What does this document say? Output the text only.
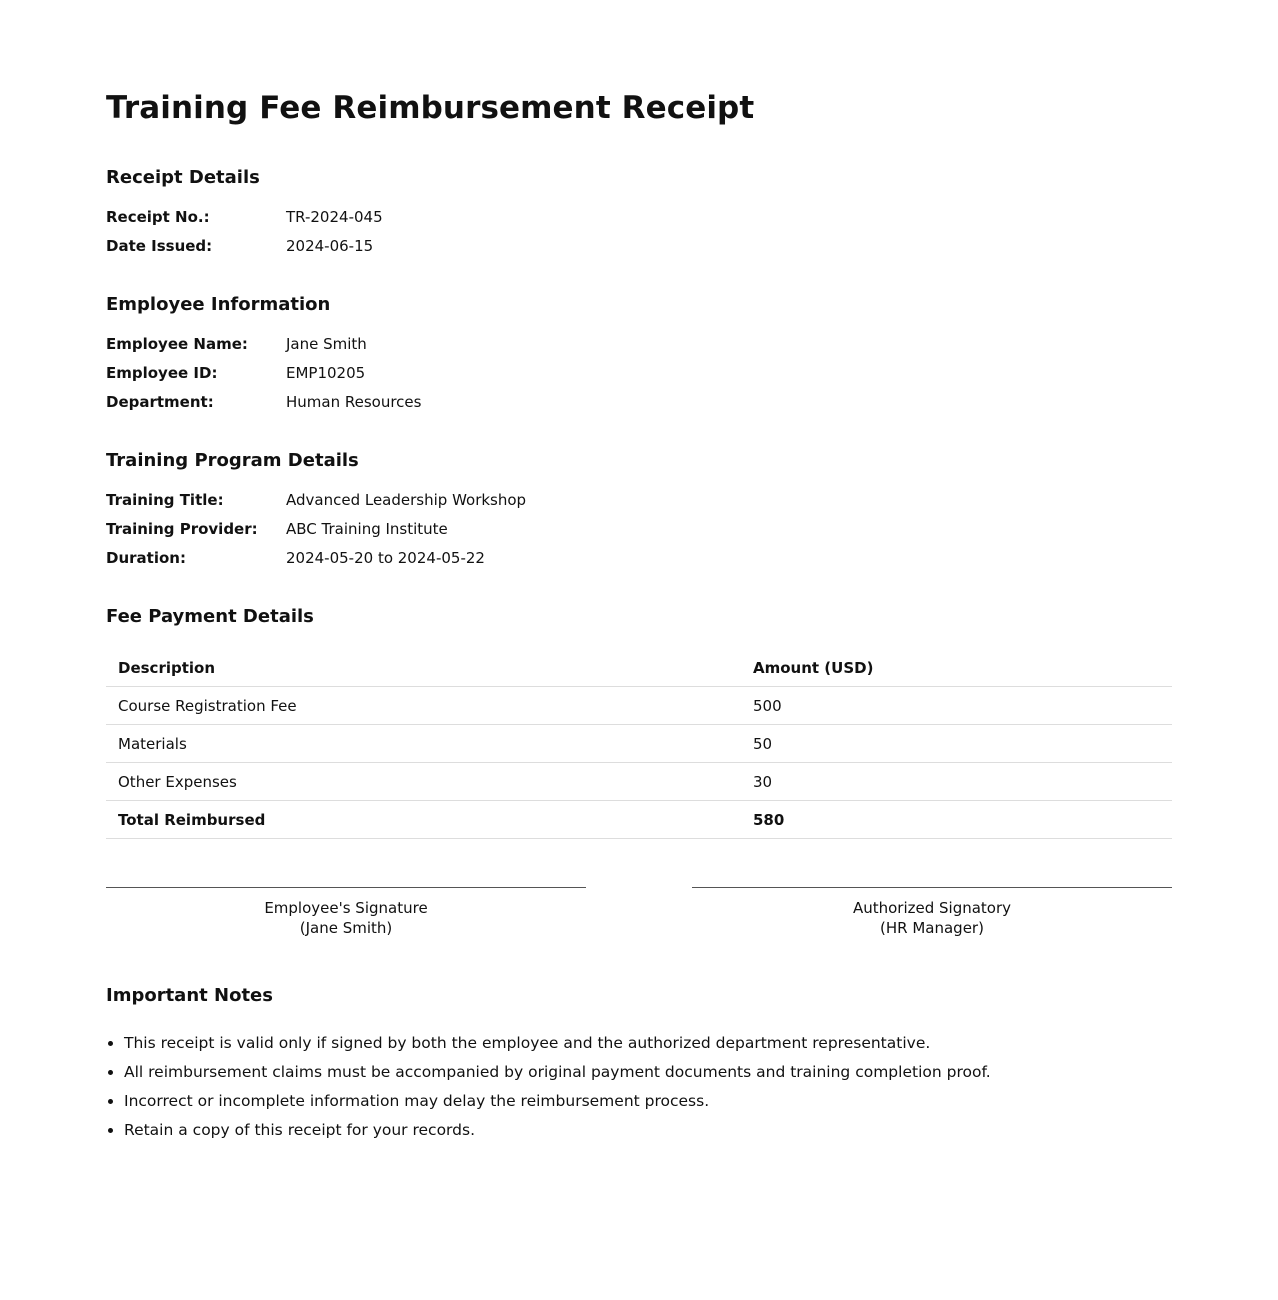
Training Fee Reimbursement Receipt
Receipt Details
Receipt No.:	TR-2024-045
Date Issued:	2024-06-15
Employee Information
Employee Name:	Jane Smith
Employee ID:	EMP10205
Department:	Human Resources
Training Program Details
Training Title:	Advanced Leadership Workshop
Training Provider:	ABC Training Institute
Duration:	2024-05-20 to 2024-05-22
Fee Payment Details
Description	Amount (USD)
Course Registration Fee	500
Materials	50
Other Expenses	30
Total Reimbursed	580
Employee's Signature
(Jane Smith)
Authorized Signatory
(HR Manager)
Important Notes
• This receipt is valid only if signed by both the employee and the authorized department representative.
• All reimbursement claims must be accompanied by original payment documents and training completion proof.
• Incorrect or incomplete information may delay the reimbursement process.
• Retain a copy of this receipt for your records.
